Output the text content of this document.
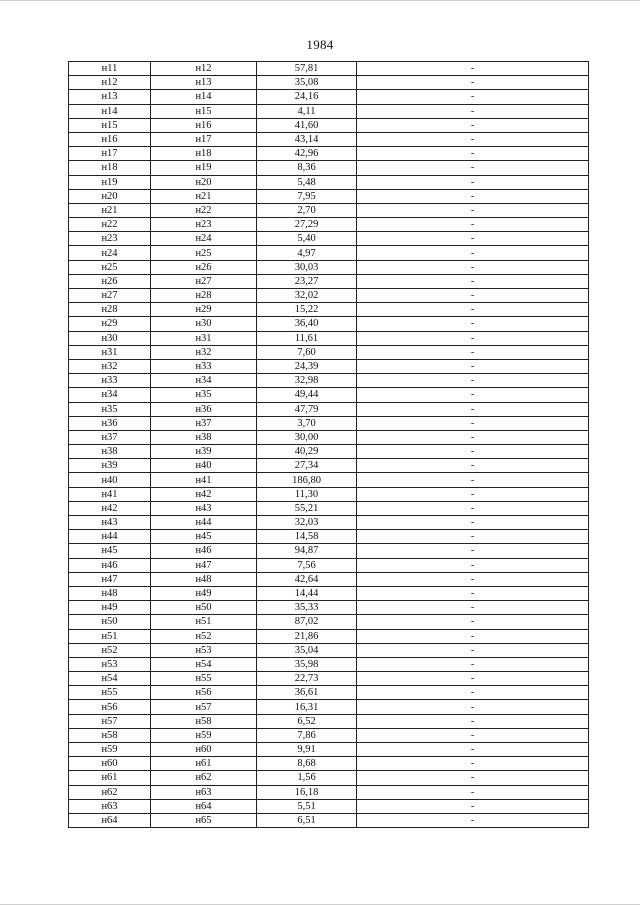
1984
н11	н12	57,81	-
н12	н13	35,08	-
н13	н14	24,16	-
н14	н15	4,11	-
н15	н16	41,60	-
н16	н17	43,14	-
н17	н18	42,96	-
н18	н19	8,36	-
н19	н20	5,48	-
н20	н21	7,95	-
н21	н22	2,70	-
н22	н23	27,29	-
н23	н24	5,40	-
н24	н25	4,97	-
н25	н26	30,03	-
н26	н27	23,27	-
н27	н28	32,02	-
н28	н29	15,22	-
н29	н30	36,40	-
н30	н31	11,61	-
н31	н32	7,60	-
н32	н33	24,39	-
н33	н34	32,98	-
н34	н35	49,44	-
н35	н36	47,79	-
н36	н37	3,70	-
н37	н38	30,00	-
н38	н39	40,29	-
н39	н40	27,34	-
н40	н41	186,80	-
н41	н42	11,30	-
н42	н43	55,21	-
н43	н44	32,03	-
н44	н45	14,58	-
н45	н46	94,87	-
н46	н47	7,56	-
н47	н48	42,64	-
н48	н49	14,44	-
н49	н50	35,33	-
н50	н51	87,02	-
н51	н52	21,86	-
н52	н53	35,04	-
н53	н54	35,98	-
н54	н55	22,73	-
н55	н56	36,61	-
н56	н57	16,31	-
н57	н58	6,52	-
н58	н59	7,86	-
н59	н60	9,91	-
н60	н61	8,68	-
н61	н62	1,56	-
н62	н63	16,18	-
н63	н64	5,51	-
н64	н65	6,51	-
